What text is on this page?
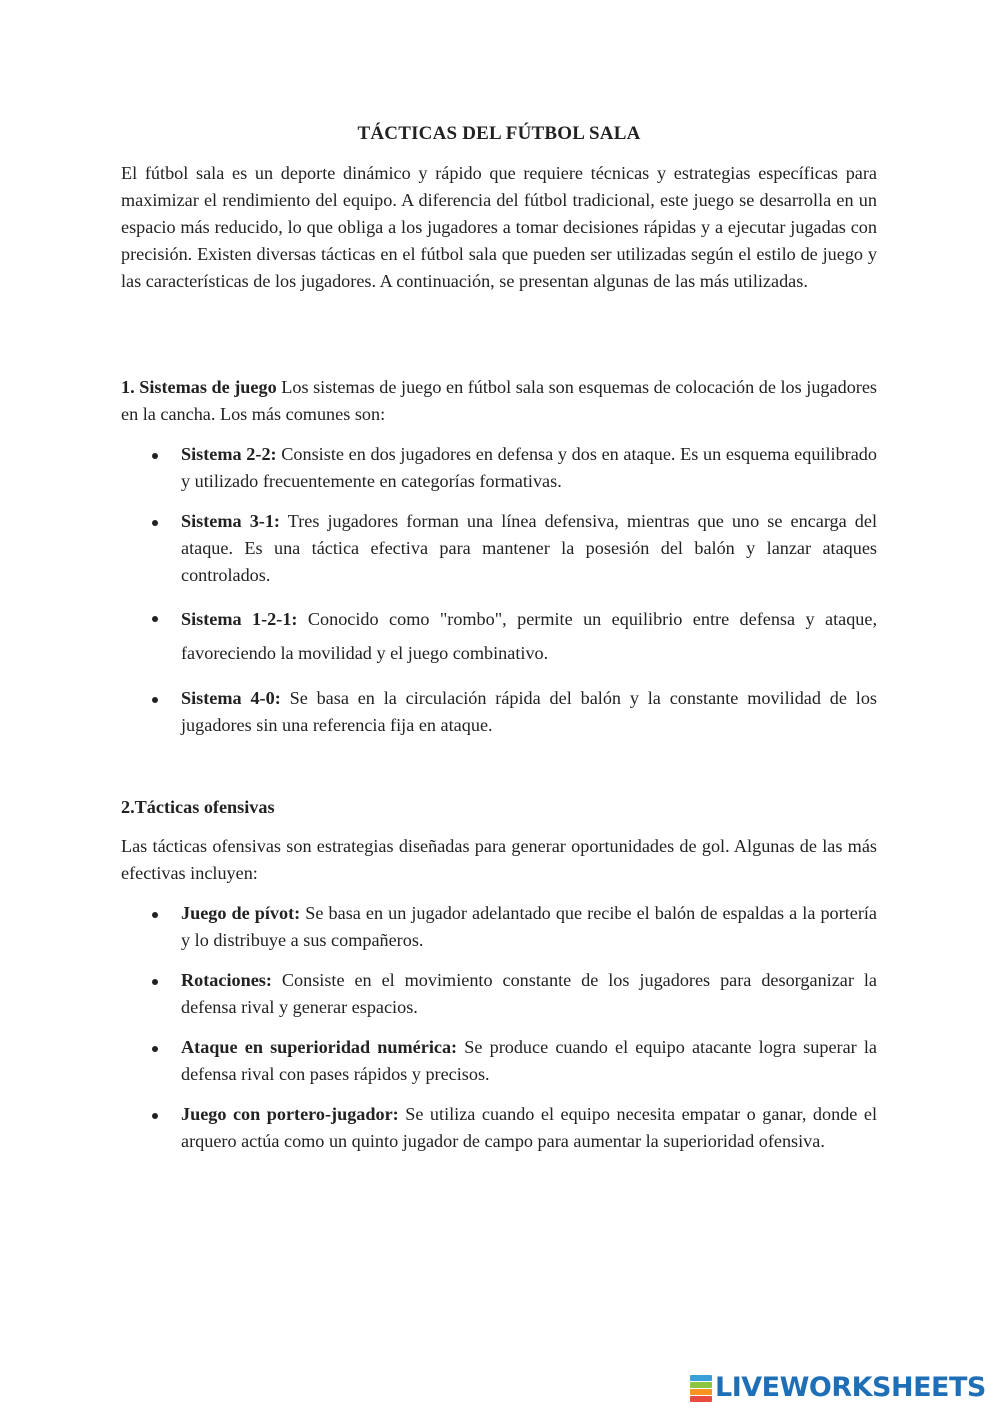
TÁCTICAS DEL FÚTBOL SALA

El fútbol sala es un deporte dinámico y rápido que requiere técnicas y estrategias específicas para maximizar el rendimiento del equipo. A diferencia del fútbol tradicional, este juego se desarrolla en un espacio más reducido, lo que obliga a los jugadores a tomar decisiones rápidas y a ejecutar jugadas con precisión. Existen diversas tácticas en el fútbol sala que pueden ser utilizadas según el estilo de juego y las características de los jugadores. A continuación, se presentan algunas de las más utilizadas.

1. Sistemas de juego Los sistemas de juego en fútbol sala son esquemas de colocación de los jugadores en la cancha. Los más comunes son:

Sistema 2-2: Consiste en dos jugadores en defensa y dos en ataque. Es un esquema equilibrado y utilizado frecuentemente en categorías formativas.
Sistema 3-1: Tres jugadores forman una línea defensiva, mientras que uno se encarga del ataque. Es una táctica efectiva para mantener la posesión del balón y lanzar ataques controlados.
Sistema 1-2-1: Conocido como "rombo", permite un equilibrio entre defensa y ataque, favoreciendo la movilidad y el juego combinativo.
Sistema 4-0: Se basa en la circulación rápida del balón y la constante movilidad de los jugadores sin una referencia fija en ataque.
2.Tácticas ofensivas

Las tácticas ofensivas son estrategias diseñadas para generar oportunidades de gol. Algunas de las más efectivas incluyen:

Juego de pívot: Se basa en un jugador adelantado que recibe el balón de espaldas a la portería y lo distribuye a sus compañeros.
Rotaciones: Consiste en el movimiento constante de los jugadores para desorganizar la defensa rival y generar espacios.
Ataque en superioridad numérica: Se produce cuando el equipo atacante logra superar la defensa rival con pases rápidos y precisos.
Juego con portero-jugador: Se utiliza cuando el equipo necesita empatar o ganar, donde el arquero actúa como un quinto jugador de campo para aumentar la superioridad ofensiva.
LIVEWORKSHEETS
